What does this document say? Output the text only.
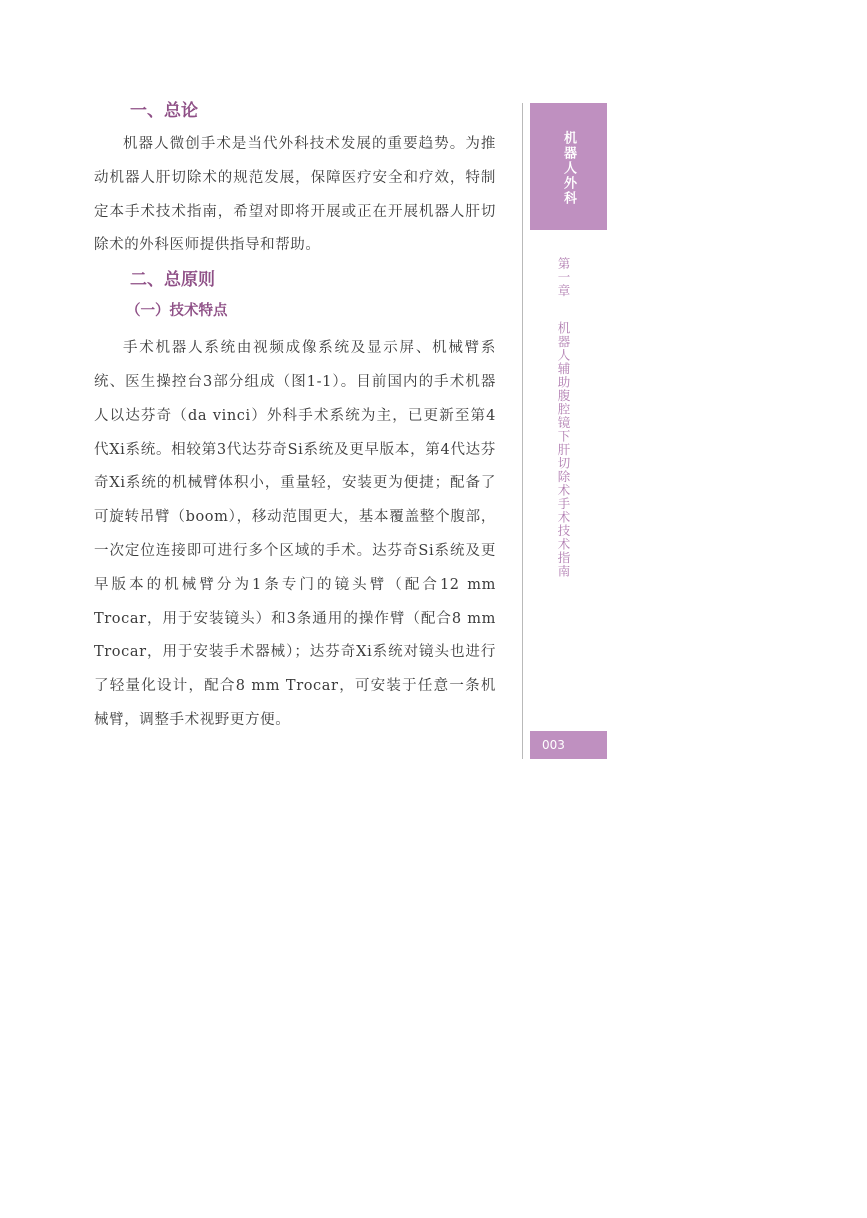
一、总论

机器人微创手术是当代外科技术发展的重要趋势。为推动机器人肝切除术的规范发展，保障医疗安全和疗效，特制定本手术技术指南，希望对即将开展或正在开展机器人肝切除术的外科医师提供指导和帮助。

二、总原则
（一）技术特点

手术机器人系统由视频成像系统及显示屏、机械臂系统、医生操控台3部分组成（图1-1）。目前国内的手术机器人以达芬奇（da vinci）外科手术系统为主，已更新至第4代Xi系统。相较第3代达芬奇Si系统及更早版本，第4代达芬奇Xi系统的机械臂体积小，重量轻，安装更为便捷；配备了可旋转吊臂（boom），移动范围更大，基本覆盖整个腹部，一次定位连接即可进行多个区域的手术。达芬奇Si系统及更早版本的机械臂分为1条专门的镜头臂（配合12 mm Trocar，用于安装镜头）和3条通用的操作臂（配合8 mm Trocar，用于安装手术器械）；达芬奇Xi系统对镜头也进行了轻量化设计，配合8 mm Trocar，可安装于任意一条机械臂，调整手术视野更方便。

机器人外科
第一章机器人辅助腹腔镜下肝切除术手术技术指南
003
